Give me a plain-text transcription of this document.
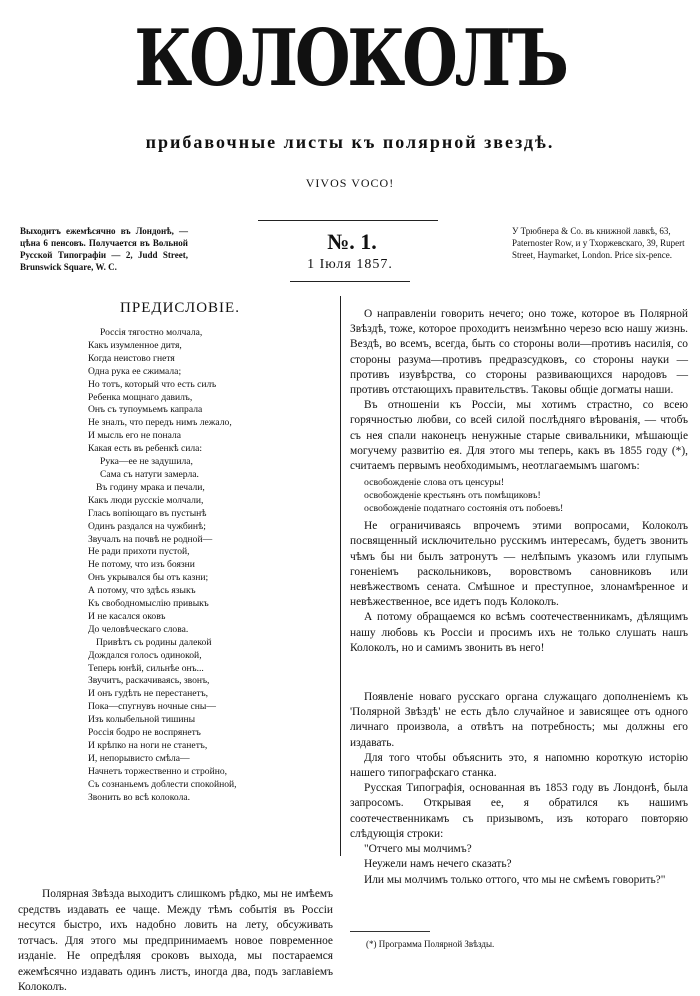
КОЛОКОЛЪ
прибавочные листы къ полярной звездѣ.
VIVOS VOCO!
Выходитъ ежемѣсячно въ Лондонѣ, — цѣна 6 пенсовъ. Получается въ Вольной Русской Типографіи — 2, Judd Street, Brunswick Square, W. C.
№. 1.
1 Іюля 1857.
У Трюбнера & Со. въ книжной лавкѣ, 63, Paternoster Row, и у Тхоржевскаго, 39, Rupert Street, Haymarket, London. Price six-pence.
ПРЕДИСЛОВІЕ.
Россія тягостно молчала,
Какъ изумленное дитя,
Когда неистово гнетя
Одна рука ее сжимала;
Но тотъ, который что есть силъ
Ребенка мощнаго давилъ,
Онъ съ тупоумьемъ капрала
Не зналъ, что передъ нимъ лежало,
И мысль его не понала
Какая есть въ ребенкѣ сила:
Рука—ее не задушила,
Сама съ натуги замерла.
Въ годину мрака и печали,
Какъ люди русскіе молчали,
Глась вопіющаго въ пустынѣ
Одинъ раздался на чужбинѣ;
Звучалъ на почвѣ не родной—
Не ради прихоти пустой,
Не потому, что изъ боязни
Онъ укрывался бы отъ казни;
А потому, что здѣсь языкъ
Къ свободномыслію привыкъ
И не касался оковъ
До человѣческаго слова.
Привѣтъ съ родины далекой
Дождался голосъ одинокой,
Теперь юнѣй, сильнѣе онъ...
Звучитъ, раскачиваясь, звонъ,
И онъ гудѣть не перестанетъ,
Пока—спугнувъ ночные сны—
Изъ колыбельной тишины
Россія бодро не воспрянетъ
И крѣпко на ноги не станетъ,
И, непорывисто смѣла—
Начнетъ торжественно и стройно,
Съ сознаньемъ доблести спокойной,
Звонить во всѣ колокола.

Полярная Звѣзда выходитъ слишкомъ рѣдко, мы не имѣемъ средствъ издавать ее чаще. Между тѣмъ событія въ Россіи несутся быстро, ихъ надобно ловить на лету, обсуживать тотчасъ. Для этого мы предпринимаемъ новое повременное изданіе. Не опредѣляя сроковъ выхода, мы постараемся ежемѣсячно издавать одинъ листъ, иногда два, подъ заглавіемъ Колоколъ.

О направленіи говорить нечего; оно тоже, которое въ Полярной Звѣздѣ, тоже, которое проходитъ неизмѣнно черезо всю нашу жизнь. Вездѣ, во всемъ, всегда, быть со стороны воли—противъ насилія, со стороны разума—противъ предразсудковъ, со стороны науки — противъ изувѣрства, со стороны развивающихся народовъ — противъ отстающихъ правительствъ. Таковы общіе догматы наши.

Въ отношеніи къ Россіи, мы хотимъ страстно, со всею горячностью любви, со всей силой послѣдняго вѣрованія, — чтобъ съ нея спали наконецъ ненужные старые свивальники, мѣшающіе могучему развитію ея. Для этого мы теперь, какъ въ 1855 году (*), считаемъ первымъ необходимымъ, неотлагаемымъ шагомъ:

освобожденіе слова отъ ценсуры!
освобожденіе крестьянъ отъ помѣщиковъ!
освобожденіе податнаго состоянія отъ побоевъ!

Не ограничиваясь впрочемъ этими вопросами, Колоколъ посвященный исключительно русскимъ интересамъ, будетъ звонить чѣмъ бы ни былъ затронутъ — нелѣпымъ указомъ или глупымъ гоненіемъ раскольниковъ, воровствомъ сановниковъ или невѣжествомъ сената. Смѣшное и преступное, злонамѣренное и невѣжественное, все идетъ подъ Колоколъ.

А потому обращаемся ко всѣмъ соотечественникамъ, дѣлящимъ нашу любовь къ Россіи и просимъ ихъ не только слушать нашъ Колоколъ, но и самимъ звонить въ него!

Появленіе новаго русскаго органа служащаго дополненіемъ къ 'Полярной Звѣздѣ' не есть дѣло случайное и зависящее отъ одного личнаго произвола, а отвѣтъ на потребность; мы должны его издавать.

Для того чтобы объяснить это, я напомню короткую исторію нашего типографскаго станка.

Русская Типографія, основанная въ 1853 году въ Лондонѣ, была запросомъ. Открывая ее, я обратился къ нашимъ соотечественникамъ съ призывомъ, изъ котораго повторяю слѣдующія строки:

"Отчего мы молчимъ?

Неужели намъ нечего сказать?

Или мы молчимъ только оттого, что мы не смѣемъ говорить?"

(*) Программа Полярной Звѣзды.
